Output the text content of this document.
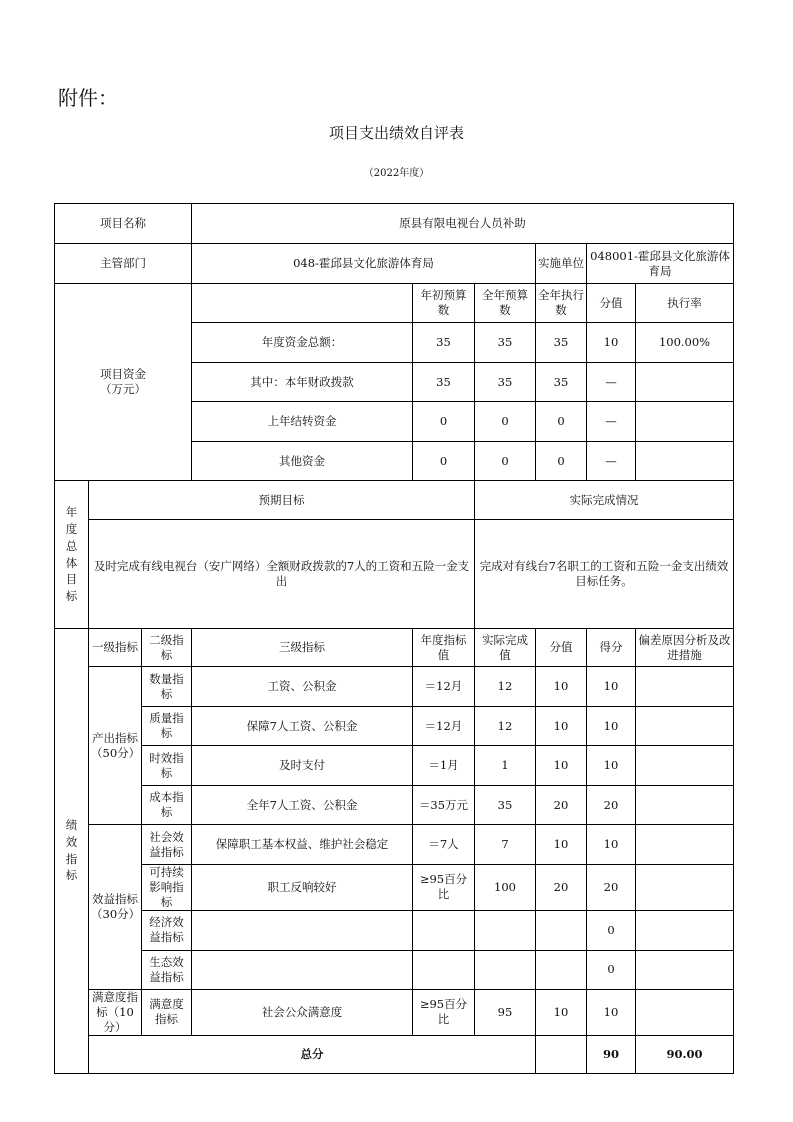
附件：
项目支出绩效自评表
（2022年度）
项目名称			原县有限电视台人员补助						
主管部门			048-霍邱县文化旅游体育局			实施单位	048001-霍邱县文化旅游体育局		
项目资金
（万元）				年初预算数	全年预算数	全年执行数	分值	执行率	
			年度资金总额：	35	35	35	10	100.00%	
			其中：本年财政拨款	35	35	35	—		
			上年结转资金	0	0	0	—		
			其他资金	0	0	0	—		

年度总体目标	预期目标				实际完成情况				
	及时完成有线电视台（安广网络）全额财政拨款的7人的工资和五险一金支出				完成对有线台7名职工的工资和五险一金支出绩效目标任务。				

绩效指标	一级指标	二级指标	三级指标	年度指标值	实际完成值	分值	得分	偏差原因分析及改进措施	
	产出指标（50分）	数量指标	工资、公积金	＝12月	12	10	10		
		质量指标	保障7人工资、公积金	＝12月	12	10	10		
		时效指标	及时支付	＝1月	1	10	10		
		成本指标	全年7人工资、公积金	＝35万元	35	20	20		
	效益指标（30分）	社会效益指标	保障职工基本权益、维护社会稳定	＝7人	7	10	10		
		可持续影响指标	职工反响较好	≥95百分比	100	20	20		
		经济效益指标					0		
		生态效益指标					0		
	满意度指标（10分）	满意度指标	社会公众满意度	≥95百分比	95	10	10		
	总分						90	90.00	
